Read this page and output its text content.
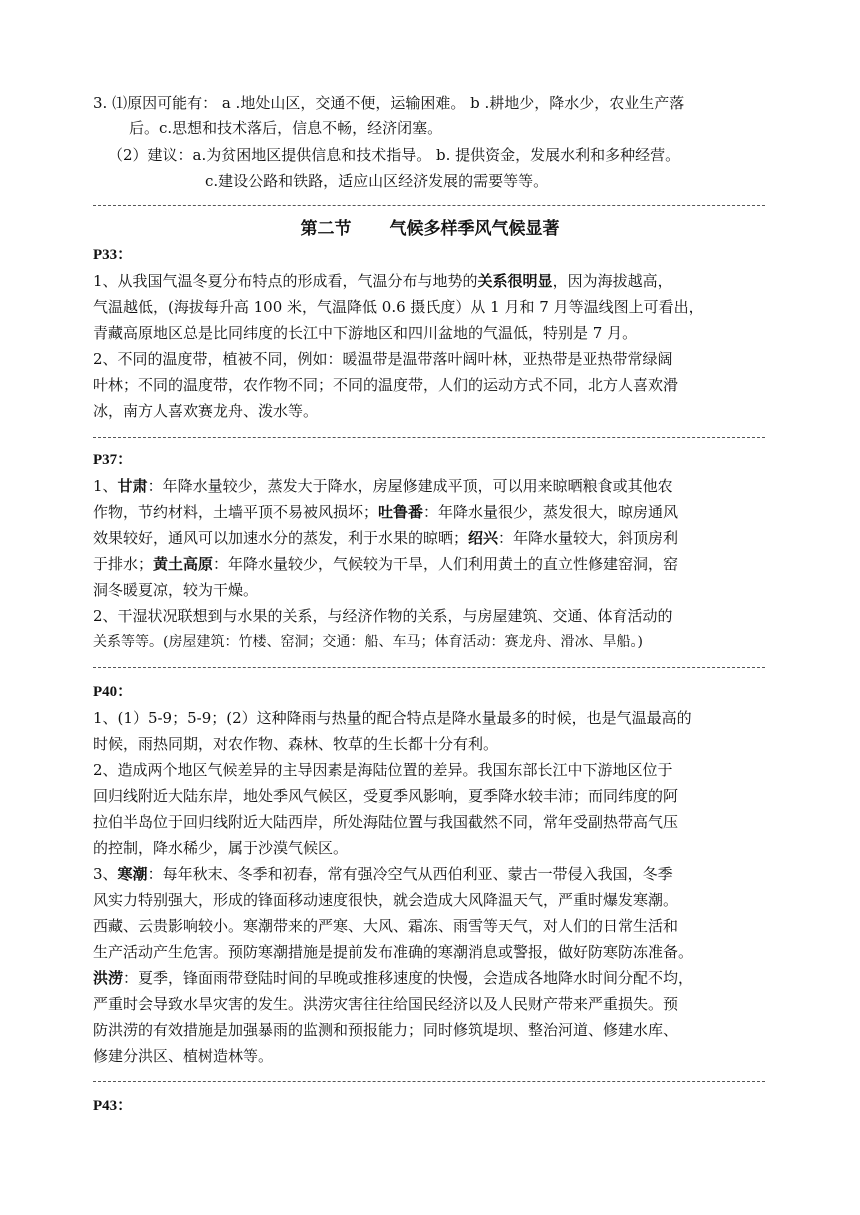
3. ⑴原因可能有： a .地处山区，交通不便，运输困难。 b .耕地少，降水少，农业生产落
后。c.思想和技术落后，信息不畅，经济闭塞。
（2）建议：a.为贫困地区提供信息和技术指导。 b. 提供资金，发展水利和多种经营。
c.建设公路和铁路，适应山区经济发展的需要等等。
第二节 气候多样季风气候显著
P33：
1、从我国气温冬夏分布特点的形成看，气温分布与地势的关系很明显，因为海拔越高，
气温越低，(海拔每升高 100 米，气温降低 0.6 摄氏度）从 1 月和 7 月等温线图上可看出，
青藏高原地区总是比同纬度的长江中下游地区和四川盆地的气温低，特别是 7 月。
2、不同的温度带，植被不同，例如：暖温带是温带落叶阔叶林，亚热带是亚热带常绿阔
叶林；不同的温度带，农作物不同；不同的温度带，人们的运动方式不同，北方人喜欢滑
冰，南方人喜欢赛龙舟、泼水等。
P37：
1、甘肃：年降水量较少，蒸发大于降水，房屋修建成平顶，可以用来晾晒粮食或其他农
作物，节约材料，土墙平顶不易被风损坏；吐鲁番：年降水量很少，蒸发很大，晾房通风
效果较好，通风可以加速水分的蒸发，利于水果的晾晒；绍兴：年降水量较大，斜顶房利
于排水；黄土高原：年降水量较少，气候较为干旱，人们利用黄土的直立性修建窑洞，窑
洞冬暖夏凉，较为干燥。
2、干湿状况联想到与水果的关系，与经济作物的关系，与房屋建筑、交通、体育活动的
关系等等。(房屋建筑：竹楼、窑洞；交通：船、车马；体育活动：赛龙舟、滑冰、旱船。)
P40：
1、(1）5-9；5-9；(2）这种降雨与热量的配合特点是降水量最多的时候，也是气温最高的
时候，雨热同期，对农作物、森林、牧草的生长都十分有利。
2、造成两个地区气候差异的主导因素是海陆位置的差异。我国东部长江中下游地区位于
回归线附近大陆东岸，地处季风气候区，受夏季风影响，夏季降水较丰沛；而同纬度的阿
拉伯半岛位于回归线附近大陆西岸，所处海陆位置与我国截然不同，常年受副热带高气压
的控制，降水稀少，属于沙漠气候区。
3、寒潮：每年秋末、冬季和初春，常有强冷空气从西伯利亚、蒙古一带侵入我国，冬季
风实力特别强大，形成的锋面移动速度很快，就会造成大风降温天气，严重时爆发寒潮。
西藏、云贵影响较小。寒潮带来的严寒、大风、霜冻、雨雪等天气，对人们的日常生活和
生产活动产生危害。预防寒潮措施是提前发布准确的寒潮消息或警报，做好防寒防冻准备。
洪涝：夏季，锋面雨带登陆时间的早晚或推移速度的快慢，会造成各地降水时间分配不均，
严重时会导致水旱灾害的发生。洪涝灾害往往给国民经济以及人民财产带来严重损失。预
防洪涝的有效措施是加强暴雨的监测和预报能力；同时修筑堤坝、整治河道、修建水库、
修建分洪区、植树造林等。
P43：
